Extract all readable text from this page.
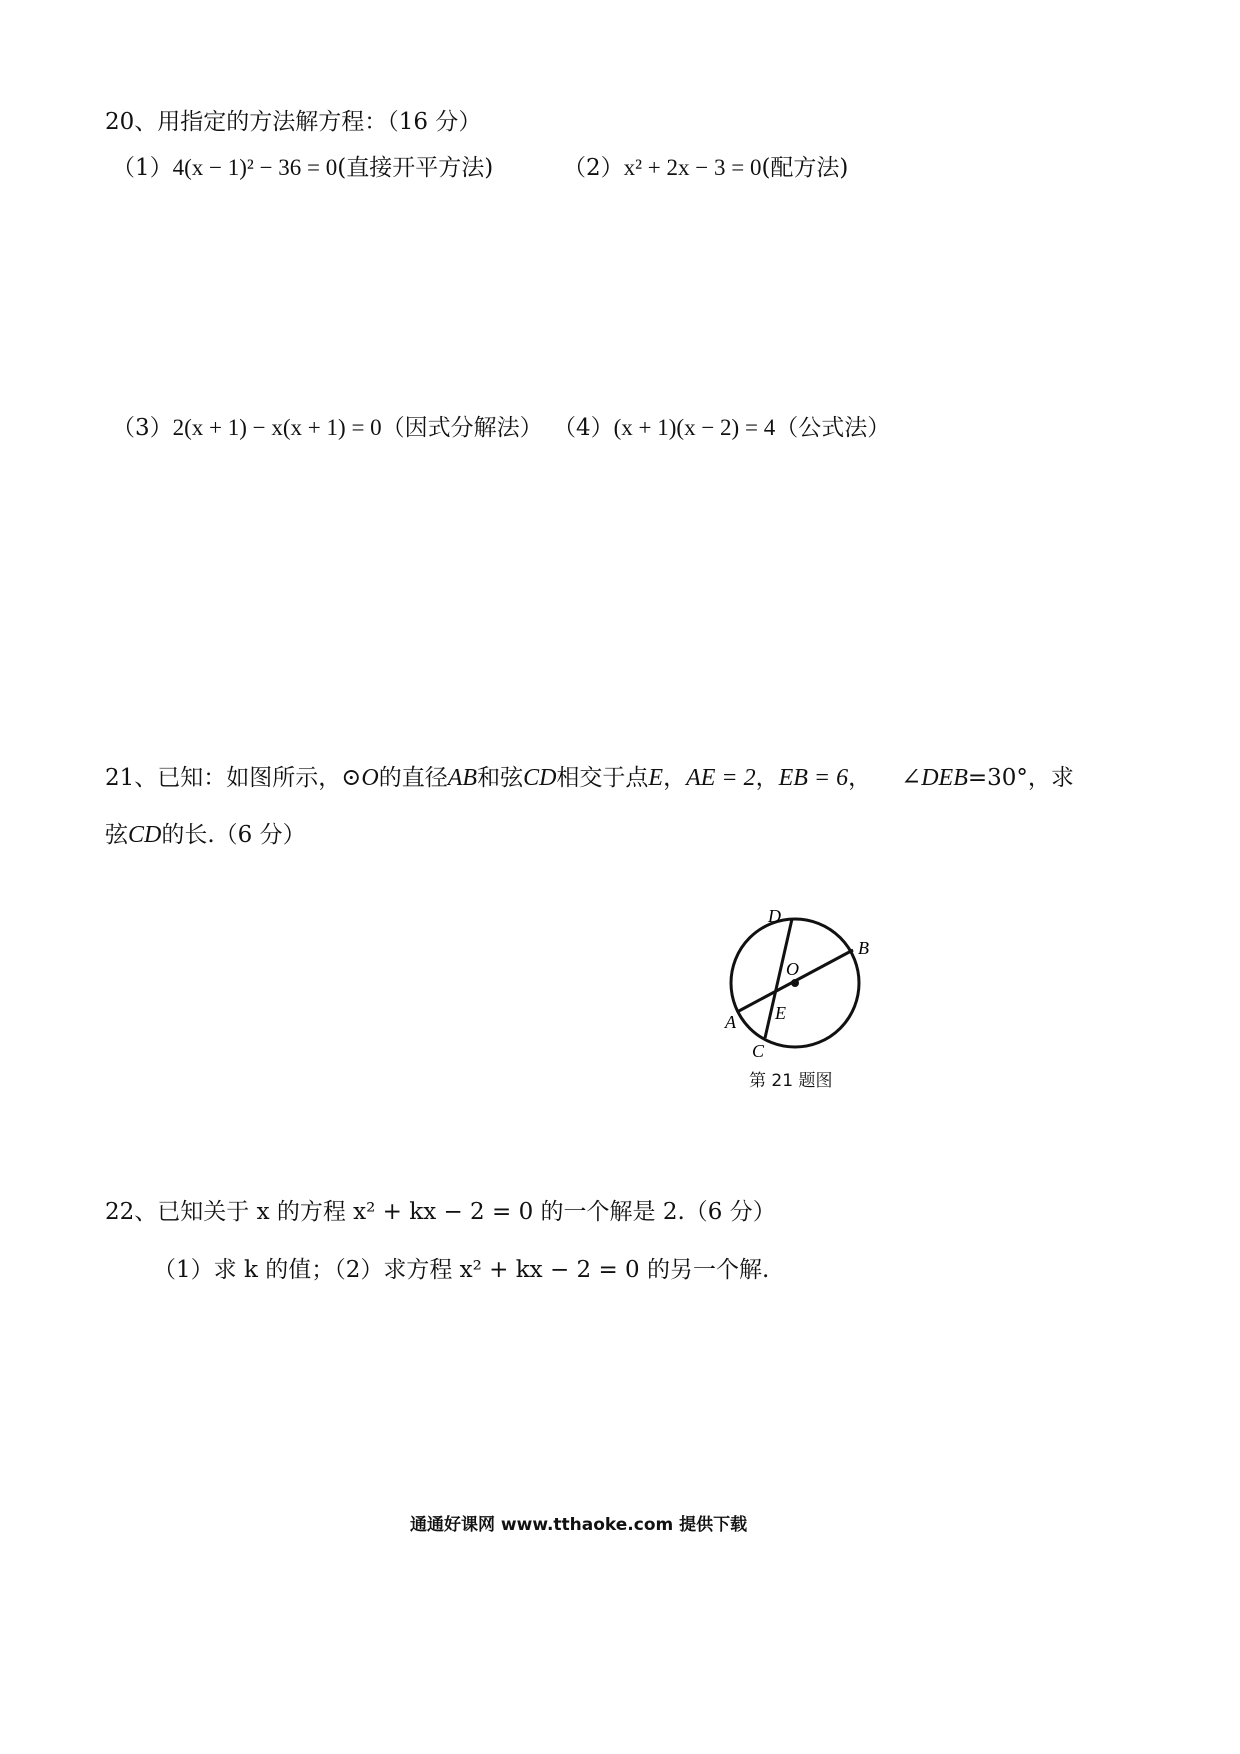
20、用指定的方法解方程：（16 分）
（1）4(x − 1)² − 36 = 0(直接开平方法)	（2）x² + 2x − 3 = 0(配方法)
（3）2(x + 1) − x(x + 1) = 0（因式分解法） （4）(x + 1)(x − 2) = 4（公式法）
21、已知：如图所示，⊙O的直径AB和弦CD相交于点E，AE = 2，EB = 6， ∠DEB=30°，求
弦CD的长.（6 分）
D
B
O
A E
C
第 21 题图
22、已知关于 x 的方程 x² + kx − 2 = 0 的一个解是 2.（6 分）
（1）求 k 的值；（2）求方程 x² + kx − 2 = 0 的另一个解.
通通好课网 www.tthaoke.com 提供下载
